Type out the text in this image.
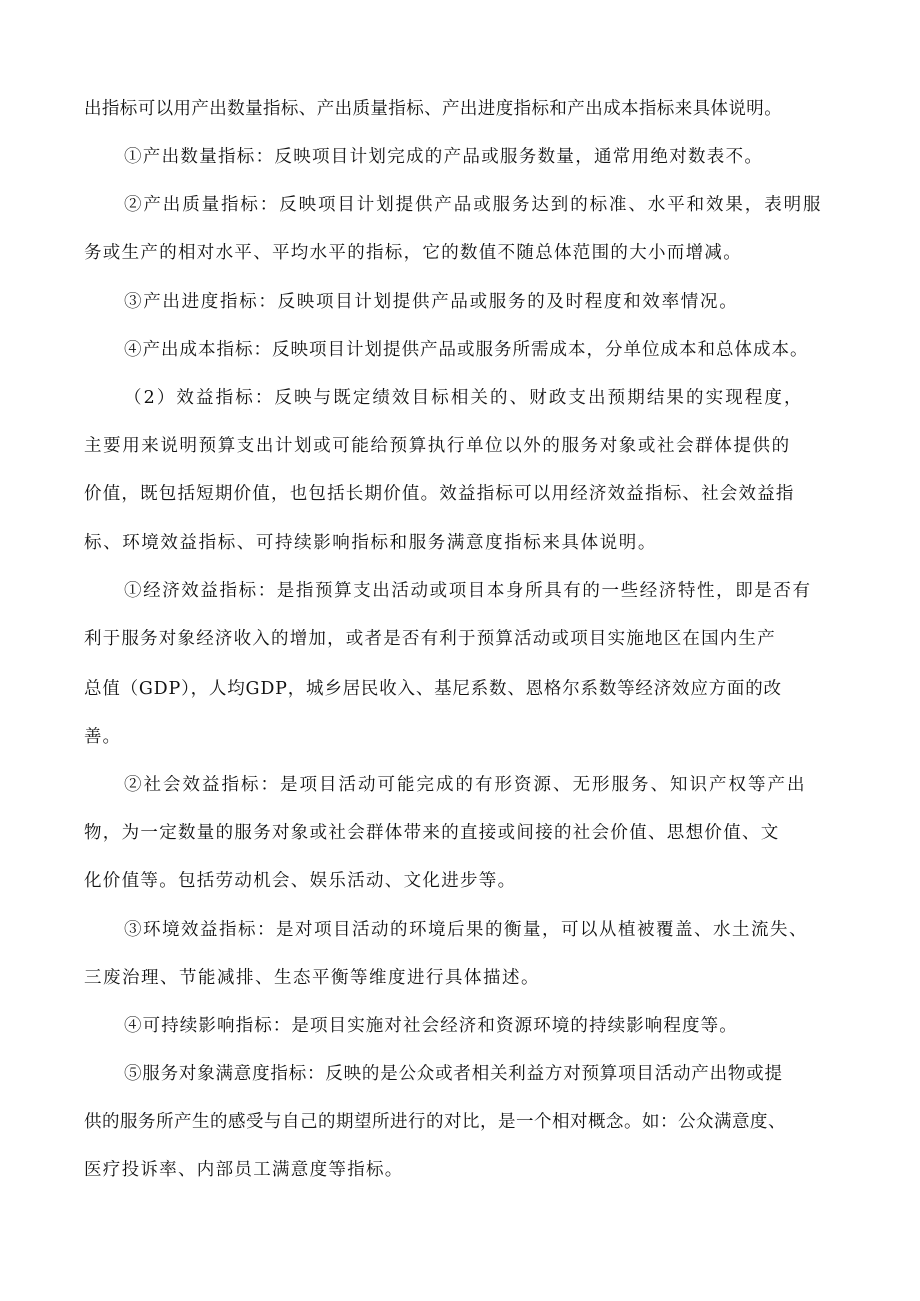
出指标可以用产出数量指标、产出质量指标、产出进度指标和产出成本指标来具体说明。
①产出数量指标：反映项目计划完成的产品或服务数量，通常用绝对数表不。
②产出质量指标：反映项目计划提供产品或服务达到的标准、水平和效果，表明服
务或生产的相对水平、平均水平的指标，它的数值不随总体范围的大小而增减。
③产出进度指标：反映项目计划提供产品或服务的及时程度和效率情况。
④产出成本指标：反映项目计划提供产品或服务所需成本，分单位成本和总体成本。
（2）效益指标：反映与既定绩效目标相关的、财政支出预期结果的实现程度，
主要用来说明预算支出计划或可能给预算执行单位以外的服务对象或社会群体提供的
价值，既包括短期价值，也包括长期价值。效益指标可以用经济效益指标、社会效益指
标、环境效益指标、可持续影响指标和服务满意度指标来具体说明。
①经济效益指标：是指预算支出活动或项目本身所具有的一些经济特性，即是否有
利于服务对象经济收入的增加，或者是否有利于预算活动或项目实施地区在国内生产
总值（GDP），人均GDP，城乡居民收入、基尼系数、恩格尔系数等经济效应方面的改
善。
②社会效益指标：是项目活动可能完成的有形资源、无形服务、知识产权等产出
物，为一定数量的服务对象或社会群体带来的直接或间接的社会价值、思想价值、文
化价值等。包括劳动机会、娱乐活动、文化进步等。
③环境效益指标：是对项目活动的环境后果的衡量，可以从植被覆盖、水土流失、
三废治理、节能减排、生态平衡等维度进行具体描述。
④可持续影响指标：是项目实施对社会经济和资源环境的持续影响程度等。
⑤服务对象满意度指标：反映的是公众或者相关利益方对预算项目活动产出物或提
供的服务所产生的感受与自己的期望所进行的对比，是一个相对概念。如：公众满意度、
医疗投诉率、内部员工满意度等指标。
